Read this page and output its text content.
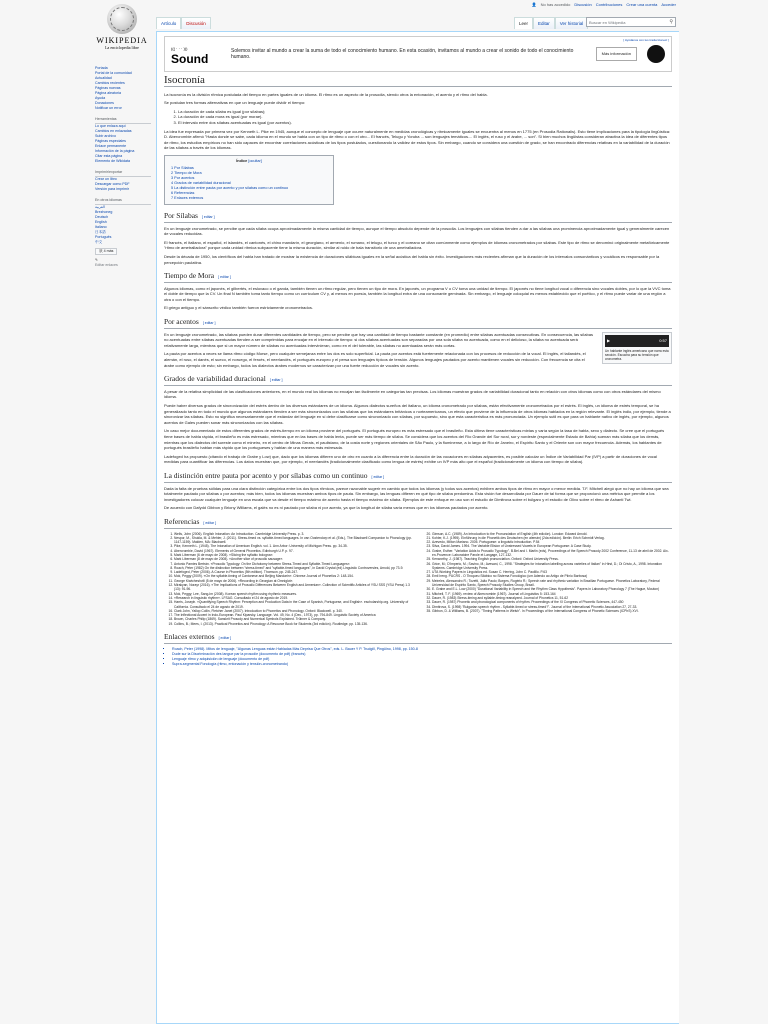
👤 No has accedido Discusión Contribuciones Crear una cuenta Acceder
WIKIPEDIA
La enciclopedia libre
Artículo	Discusión	Leer	Editar	Ver historial	Buscar en Wikipedia	⚲
Portada
Portal de la comunidad
Actualidad
Cambios recientes
Páginas nuevas
Página aleatoria
Ayuda
Donaciones
Notificar un error
Herramientas
Lo que enlaza aquí
Cambios en enlazadas
Subir archivo
Páginas especiales
Enlace permanente
Información de la página
Citar esta página
Elemento de Wikidata
Imprimir/exportar
Crear un libro
Descargar como PDF
Versión para imprimir
En otros idiomas
العربية
Brezhoneg
Deutsch
English
Italiano
日本語
Português
中文
狀 4 más
✎
Editar enlaces
((( · · · )))
Sound
Solemos invitar al mundo a crear la suma de todo el conocimiento humano. En esta ocasión, invitamos al mundo a crear el sonido de todo el conocimiento humano.
Más información
[ Ayúdanos con tus traducciones! ]
Isocronía

La isocronía es la división rítmica postulada del tiempo en partes iguales de un idioma. El ritmo es un aspecto de la prosodia, siendo otros la entonación, el acento y el ritmo del habla.

Se postulan tres formas alternativas en que un lenguaje puede dividir el tiempo:

1. La duración de cada sílaba es igual (por sílabas);
2. La duración de cada mora es igual (por morae).
3. El intervalo entre dos sílabas acentuadas es igual (por acentos).

La idea fue expresada por primera vez por Kenneth L. Pike en 1945, aunque el concepto de lenguaje que ocurre naturalmente en medidas cronológicas y rítmicamente iguales se encuentra al menos en 1775 (en Prosodia Rationalis). Esto tiene implicaciones para la tipología lingüística: D. Abercrombie afirmó "Hasta donde se sabe, cada idioma en el mundo se habla con un tipo de ritmo o con el otro... El francés, Telugu y Yoruba ... son lenguajes temáticos.... El inglés, el ruso y el árabe, ... son". Si bien muchos lingüistas consideran atractiva la idea de diferentes tipos de ritmo, los estudios empíricos no han sido capaces de encontrar correlaciones acústicas de los tipos postulados, cuestionando la validez de estos tipos. Sin embargo, cuando se considera una cuestión de grado, se han encontrado diferencias relativas en la variabilidad de la duración de las sílabas a través de los idiomas.

Índice [ocultar]
1 Por Sílabas
2 Tiempo de Mora
3 Por acentos
4 Grados de variabilidad duracional
5 La distinción entre pauta por acento y por sílabas como un continuo
6 Referencias
7 Enlaces externos
Por Sílabas [ editar ]

En un lenguaje cronometrado, se percibe que cada sílaba ocupa aproximadamente la misma cantidad de tiempo, aunque el tiempo absoluto depende de la prosodia. Los lenguajes con sílabas tienden a dar a las sílabas una prominencia aproximadamente igual y generalmente carecen de vocales reducidas.

El francés, el italiano, el español, el islandés, el cantonés, el chino mandarín, el georgiano, el armenio, el rumano, el telugu, el turco y el coreano se citan comúnmente como ejemplos de idiomas cronometrados por sílabas. Este tipo de ritmo se denominó originalmente metafóricamente "ritmo de ametralladora" porque cada unidad rítmica subyacente tiene la misma duración, similar al ruido de bala transitorio de una ametralladora.

Desde la década de 1950, los científicos del habla han tratado de mostrar la existencia de duraciones silábicas iguales en la señal acústica del habla sin éxito. Investigaciones más recientes afirman que la duración de los intervalos consonánticos y vocálicos es responsable por la percepción paulatina.

Tiempo de Mora [ editar ]

Algunos idiomas, como el japonés, el gilbertés, el eslovaco o el ganda, también tienen un ritmo regular, pero tienen un tipo de mora. En japonés, un programa V o CV toma una unidad de tiempo. El japonés no tiene longitud vocal o diferencia sino vocales dobles, por lo que la VVC toma el doble de tiempo que la CV. Un final N también toma tanto tiempo como un curriculum CV y, al menos en poesía, también la longitud extra de una consonante geminada. Sin embargo, el lenguaje coloquial es menos establecido que el poético, y el ritmo puede variar de una región a otra o con el tiempo.

El griego antiguo y el sánscrito védico también fueron estrictamente cronometrados.

Por acentos [ editar ]
▶	0:57
Un hablante inglés americano que narra esta sección. Escucha para su tensión que cronometra.

En un lenguaje cronometrado, las sílabas pueden durar diferentes cantidades de tiempo, pero se percibe que hay una cantidad de tiempo bastante constante (en promedio) entre sílabas acentuadas consecutivas. En consecuencia, las sílabas no acentuadas entre sílabas acentuadas tienden a ser comprimidas para encajar en el intervalo de tiempo: si dos sílabas acentuadas son separadas por una sola sílaba no acentuada, como en el delicioso, la sílaba no acentuada será relativamente larga, mientras que si un mayor número de sílabas no acentuadas intervinieran, como en el del tolerable, las sílabas no acentuadas serán más cortas.

La pauta por acentos a veces se llama ritmo código Morse, pero cualquier semejanza entre los dos es solo superficial. La pauta por acentos está fuertemente relacionada con los procesos de reducción de la vocal. El inglés, el tailandés, el alemán, el ruso, el danés, el sueco, el noruego, el feroés, el neerlandés, el portugués europeo y el persa son lenguajes típicos de tensión. Algunos lenguajes pautados por acento mantienen vocales sin reducción. Con frecuencia se cita el árabe como ejemplo de esto; sin embargo, todos los dialectos árabes modernos se caracterizan por una fuerte reducción de vocales sin acento.

Grados de variabilidad duracional [ editar ]

A pesar de la relativa simplicidad de las clasificaciones anteriores, en el mundo real los idiomas no encajan tan fácilmente en categorías tan precisas. Los idiomas muestran grados de variabilidad duracional tanto en relación con otros idiomas como con otros estándares del mismo idioma.

Puede haber diversos grados de sincronización del estrés dentro de los diversos estándares de un idioma. Algunos dialectos sureños del italiano, un idioma cronometrado por sílabas, están efectivamente cronometrados por el estrés. El inglés, un idioma de estrés temporal, se ha generalizado tanto en todo el mundo que algunos estándares tienden a ser más sincronizados con las sílabas que los estándares británicos o norteamericanos, un efecto que proviene de la influencia de otros idiomas hablados en la región relevante. El inglés indio, por ejemplo, tiende a sincronizar las sílabas. Esto no significa necesariamente que el estándar del lenguaje en sí debe clasificarse como sincronizado con sílabas, por supuesto, sino que esta característica es más pronunciada. Un ejemplo sutil es que para un hablante nativo de inglés, por ejemplo, algunos acentos de Gales pueden sonar más sincronizados con las sílabas.

Un caso mejor documentado de estos diferentes grados de estrés-tiempo en un idioma proviene del portugués. El portugués europeo es más estresado que el brasileño. Esta última tiene características mixtas y varía según la tasa de habla, sexo y dialecto. Se cree que el portugués tiene bases de habla rápida, el brasileño es más estresado, mientras que en las bases de habla lenta, puede ser más tiempo de sílaba. Se considera que los acentos del Río Grande del Sur rural, sur y nordeste (especialmente Estado de Bahía) suenan más sílaba que los demás, mientras que los dialectos del sureste como el mineiro, en el centro de Minas Gerais, el paulistano, de la costa norte y regiones orientales de São Paulo, y la fluminense, a lo largo de Río de Janeiro, el Espíritu Santo y el Oriente son con mayor frecuencia. Además, los hablantes de portugués brasileño hablan más rápido que los portugueses y hablan de una manera más estresada.

Ladefoged ha propuesto (citando el trabajo de Grabe y Low) que, dado que los idiomas difieren uno de otro en cuanto a la diferencia entre la duración de las vocaciones en sílabas adyacentes, es posible calcular un Índice de Variabilidad Par (IVP) a partir de duraciones de vocal medidas para cuantificar las diferencias. Los datos muestran que, por ejemplo, el neerlandés (tradicionalmente clasificado como lengua de estrés) exhibe un IVP más alto que el español (tradicionalmente un idioma con tiempo de sílaba).

La distinción entre pauta por acento y por sílabas como un continuo [ editar ]

Dada la falta de pruebas sólidas para una clara distinción categórica entre los dos tipos rítmicos, parece razonable sugerir en cambio que todos los idiomas (y todos sus acentos) exhiben ambos tipos de ritmo en mayor o menor medida. T.F. Mitchell alegó que no hay un idioma que sea totalmente pautado por sílabas o por acentos; más bien, todos los idiomas muestran ambos tipos de pauta. Sin embargo, las lenguas difieren en qué tipo de sílaba predomina. Esta visión fue desarrollada por Dauer de tal forma que se proporcionó una métrica que permite a los investigadores colocar cualquier lenguaje en una escala que va desde el tiempo máximo de acento hasta el tiempo máximo de sílaba. Ejemplos de este enfoque en uso son el estudio de Dimitrova sobre el búlgaro y el estudio de Olivo sobre el ritmo de Ashanti Twi.

De acuerdo con Dafydd Gibbon y Briony Williams, el galés no es ni pautado por sílaba ni por acento, ya que la longitud de sílaba varía menos que en los idiomas pautados por acento.

Referencias [ editar ]
1. Wells, John (2006). English Intonation: An Introduction. Cambridge University Press. p. 3.
2. Nespor, M., Shukla, M. & Mehler, J. (2011). Stress-timed vs. syllable-timed languages. In van Oostendorp et al. (Eds.), The Blackwell Companion to Phonology (pp. 1147-1159). Malden, MA: Blackwell.
3. Pike, Kenneth L. (1945). The Intonation of American English. vol. 1. Ann Arbor: University of Michigan Press. pp. 34-35.
4. Abercrombie, David (1967). Elements of General Phonetics. Edinburgh U.P. p. 97.
5. Mark Liberman (6 de mayo de 2008). «Slicing the syllabic bologna».
6. Mark Liberman (8 de mayo de 2008). «Another slice of prosodic sausage».
7. Antonio Pamies Bertrán. «Prosodic Typology: On the Dichotomy between Stress-Timed and Syllable-Timed Languages».
8. Roach, Peter (1982) On the distinction between "stress-timed" and "syllable-timed languages", in David Crystal (ed) Linguistic Controversies, Arnold, pp 73-9.
9. Ladefoged, Peter (2006). A Course in Phonetics (5th edition). Thomson. pp. 245-247.
10. Mok, Peggy (2009). «On the syllable-timing of Cantonese and Beijing Mandarin». Chinese Journal of Phonetics 2: 148-154.
11. George Kiwtcheshvili (5 de mayo de 2006). «Recording in Georgian at Omniglot».
12. Mirakyan, Norayr (2016). «The Implications of Prosodic Differences Between English and Armenian». Collection of Scientific Articles of YSU SSS (YSU Press) 1.3 (13): 91-96.
13. Mok, Peggy; Lee, Sang-Im (2008). Korean speech rhythm using rhythmic measures.
14. «Research in linguistic rhythm». LFSAG. Consultado el 24 de agosto de 2019.
15. Harris, Joseph. «Quantifying Speech Rhythm: Perception and Production Data in the Case of Spanish, Portuguese, and English». escholarship.org. University of California. Consultado el 24 de agosto de 2019.
16. Clark John, Yallop Collin, Fletcher Janet (2007). Introduction to Phonetics and Phonology. Oxford: Blackwell. p. 340.
17. The Inflectional Accent in Indo-European. Paul Kiparsky. Language. Vol. 49, No. 4 (Dec., 1973), pp. 794-849. Linguistic Society of America
18. Brown, Charles Philip (1869). Sanskrit Prosody and Numerical Symbols Explained. Trübner & Company.
19. Collins, B.; Mees, I. (2013). Practical Phonetics and Phonology: A Resource Book for Students (3rd edición). Routledge. pp. 135-136.
20. Gimson, A.C. (1989). An Introduction to the Pronunciation of English (4th edición). London: Edward Arnold.
21. Kohler, K.J. (1995). Einführung in die Phonetik des Deutschen (en alemán) (2da edición). Berlin: Erich Schmidt Verlag.
22. Azevedo, Milton Mariano. 2005. Portuguese: a linguistic introduction. P.54
23. Silva, David James. 1994. The Variable Elision of Unstressed Vowels in European Portuguese: A Case Study.
24. Grabe, Esther. "Variation Adds to Prosodic Typology". B.Bel and I. Marlin (eds), Proceedings of the Speech Prosody 2002 Conference, 11-13 de abril de 2002. Aix-en-Provence: Laboratoire Parole et Langage, 127-132.
25. Kenworthy, J. (1987). Teaching English pronunciation. Oxford: Oxford University Press.
26. Grice, M.; D'Imperio, M.; Savino, M.; Avesani, C., 1998. "Strategies for intonation labelling across varieties of Italian" in Hirst, D.; Di Cristo, A., 1998. Intonation Systems. Cambridge University Press.
27. UTA Working Papers in Linguistics ed. Susan C. Herring, John C. Paolillo. P.63
28. Emil Ireng. PUCRS - O Tiroqueu Silábico no Sistema Fonológico (um Adendo ao Artigo de Plínio Barbosa)
29. Meireles, Alexsandro R.; Tozetti, João Paulo; Borges, Rogério R.; Speech rate and rhythmic variation in Brazilian Portuguese. Phonetics Laboratory, Federal Universidad de Espírito Santo, Speech Prosody Studies Group, Brazil.
30. E. Grabe and E.L. Low (2000) "Durational Variability in Speech and the Rhythm Class Hypothesis". Papers in Laboratory Phonology 7 (The Hague, Mouton)
31. Mitchell, T. F. (1969). review of Abercrombie (1967). Journal of Linguistics 5: 153-164
32. Dauer, R. (1983) Stress-timing and syllable-timing reanalyzed. Journal of Phonetics 11, 51-62
33. Dauer, R. (1987) Phonetic and phonological components of rhythm. Proceedings of the XI Congress of Phonetic Sciences, 447-450
34. Dimitrova, S. (1998) "Bulgarian speech rhythm - Syllable-timed or stress-timed?". Journal of the International Phonetic Association 27, 27-33.
35. Gibbon, D. & Williams, B. (2007). "Timing Patterns in Welsh". In Proceedings of the International Congress of Phonetic Sciences (ICPhS) XVI.
Enlaces externos [ editar ]
▪ Roach, Peter (1998). Mitos de lenguaje, "Algunas Lenguas están Habladas Más Deprisa Que Otros", eds. L. Bauer Y P. Trudgill, Pingüino, 1998, pp. 150-8
▪ Dude sur la Discriminación des langue par la prosodie (documento de pdf) (francés)
▪ Lenguaje ritmo y adquisición de lenguaje (documento de pdf)
▪ Supra-segmental Fonología (ritmo, entonación y tensión-cronometrando)
